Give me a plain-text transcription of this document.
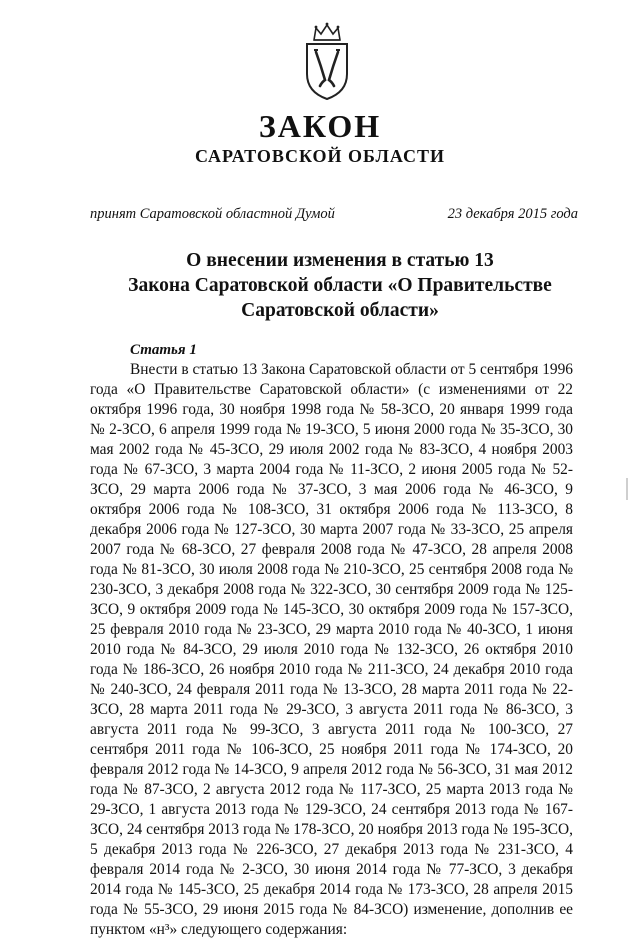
ЗАКОН
САРАТОВСКОЙ ОБЛАСТИ
принят Саратовской областной Думой	23 декабря 2015 года
О внесении изменения в статью 13
Закона Саратовской области «О Правительстве
Саратовской области»
Статья 1
Внести в статью 13 Закона Саратовской области от 5 сентября 1996 года «О Правительстве Саратовской области» (с изменениями от 22 октября 1996 года, 30 ноября 1998 года № 58-ЗСО, 20 января 1999 года № 2-ЗСО, 6 апреля 1999 года № 19-ЗСО, 5 июня 2000 года № 35-ЗСО, 30 мая 2002 года № 45-ЗСО, 29 июля 2002 года № 83-ЗСО, 4 ноября 2003 года № 67-ЗСО, 3 марта 2004 года № 11-ЗСО, 2 июня 2005 года № 52-ЗСО, 29 марта 2006 года № 37-ЗСО, 3 мая 2006 года № 46-ЗСО, 9 октября 2006 года № 108-ЗСО, 31 октября 2006 года № 113-ЗСО, 8 декабря 2006 года № 127-ЗСО, 30 марта 2007 года № 33-ЗСО, 25 апреля 2007 года № 68-ЗСО, 27 февраля 2008 года № 47-ЗСО, 28 апреля 2008 года № 81-ЗСО, 30 июля 2008 года № 210-ЗСО, 25 сентября 2008 года № 230-ЗСО, 3 декабря 2008 года № 322-ЗСО, 30 сентября 2009 года № 125-ЗСО, 9 октября 2009 года № 145-ЗСО, 30 октября 2009 года № 157-ЗСО, 25 февраля 2010 года № 23-ЗСО, 29 марта 2010 года № 40-ЗСО, 1 июня 2010 года № 84-ЗСО, 29 июля 2010 года № 132-ЗСО, 26 октября 2010 года № 186-ЗСО, 26 ноября 2010 года № 211-ЗСО, 24 декабря 2010 года № 240-ЗСО, 24 февраля 2011 года № 13-ЗСО, 28 марта 2011 года № 22-ЗСО, 28 марта 2011 года № 29-ЗСО, 3 августа 2011 года № 86-ЗСО, 3 августа 2011 года № 99-ЗСО, 3 августа 2011 года № 100-ЗСО, 27 сентября 2011 года № 106-ЗСО, 25 ноября 2011 года № 174-ЗСО, 20 февраля 2012 года № 14-ЗСО, 9 апреля 2012 года № 56-ЗСО, 31 мая 2012 года № 87-ЗСО, 2 августа 2012 года № 117-ЗСО, 25 марта 2013 года № 29-ЗСО, 1 августа 2013 года № 129-ЗСО, 24 сентября 2013 года № 167-ЗСО, 24 сентября 2013 года № 178-ЗСО, 20 ноября 2013 года № 195-ЗСО, 5 декабря 2013 года № 226-ЗСО, 27 декабря 2013 года № 231-ЗСО, 4 февраля 2014 года № 2-ЗСО, 30 июня 2014 года № 77-ЗСО, 3 декабря 2014 года № 145-ЗСО, 25 декабря 2014 года № 173-ЗСО, 28 апреля 2015 года № 55-ЗСО, 29 июня 2015 года № 84-ЗСО) изменение, дополнив ее пунктом «н³» следующего содержания:
